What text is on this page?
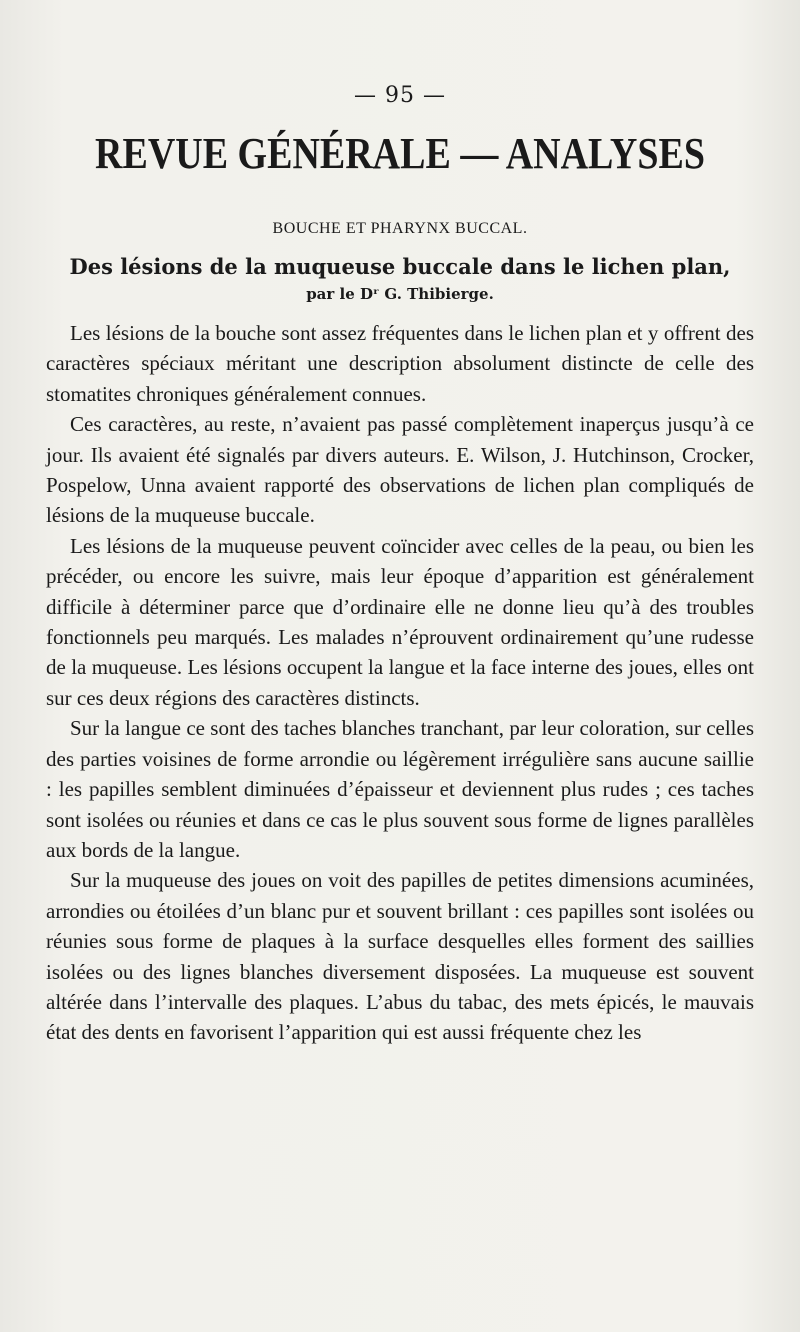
— 95 —
REVUE GÉNÉRALE — ANALYSES
BOUCHE ET PHARYNX BUCCAL.
Des lésions de la muqueuse buccale dans le lichen plan,
par le Dʳ G. Thibierge.

Les lésions de la bouche sont assez fréquentes dans le lichen plan et y offrent des caractères spéciaux méritant une description absolument distincte de celle des stomatites chroniques généralement connues.

Ces caractères, au reste, n’avaient pas passé complètement inaperçus jusqu’à ce jour. Ils avaient été signalés par divers auteurs. E. Wilson, J. Hutchinson, Crocker, Pospelow, Unna avaient rapporté des observations de lichen plan compliqués de lésions de la muqueuse buccale.

Les lésions de la muqueuse peuvent coïncider avec celles de la peau, ou bien les précéder, ou encore les suivre, mais leur époque d’apparition est généralement difficile à déterminer parce que d’ordinaire elle ne donne lieu qu’à des troubles fonctionnels peu marqués. Les malades n’éprouvent ordinairement qu’une rudesse de la muqueuse. Les lésions occupent la langue et la face interne des joues, elles ont sur ces deux régions des caractères distincts.

Sur la langue ce sont des taches blanches tranchant, par leur coloration, sur celles des parties voisines de forme arrondie ou légèrement irrégulière sans aucune saillie : les papilles semblent diminuées d’épaisseur et deviennent plus rudes ; ces taches sont isolées ou réunies et dans ce cas le plus souvent sous forme de lignes parallèles aux bords de la langue.

Sur la muqueuse des joues on voit des papilles de petites dimensions acuminées, arrondies ou étoilées d’un blanc pur et souvent brillant : ces papilles sont isolées ou réunies sous forme de plaques à la surface desquelles elles forment des saillies isolées ou des lignes blanches diversement disposées. La muqueuse est souvent altérée dans l’intervalle des plaques. L’abus du tabac, des mets épicés, le mauvais état des dents en favorisent l’apparition qui est aussi fréquente chez les
